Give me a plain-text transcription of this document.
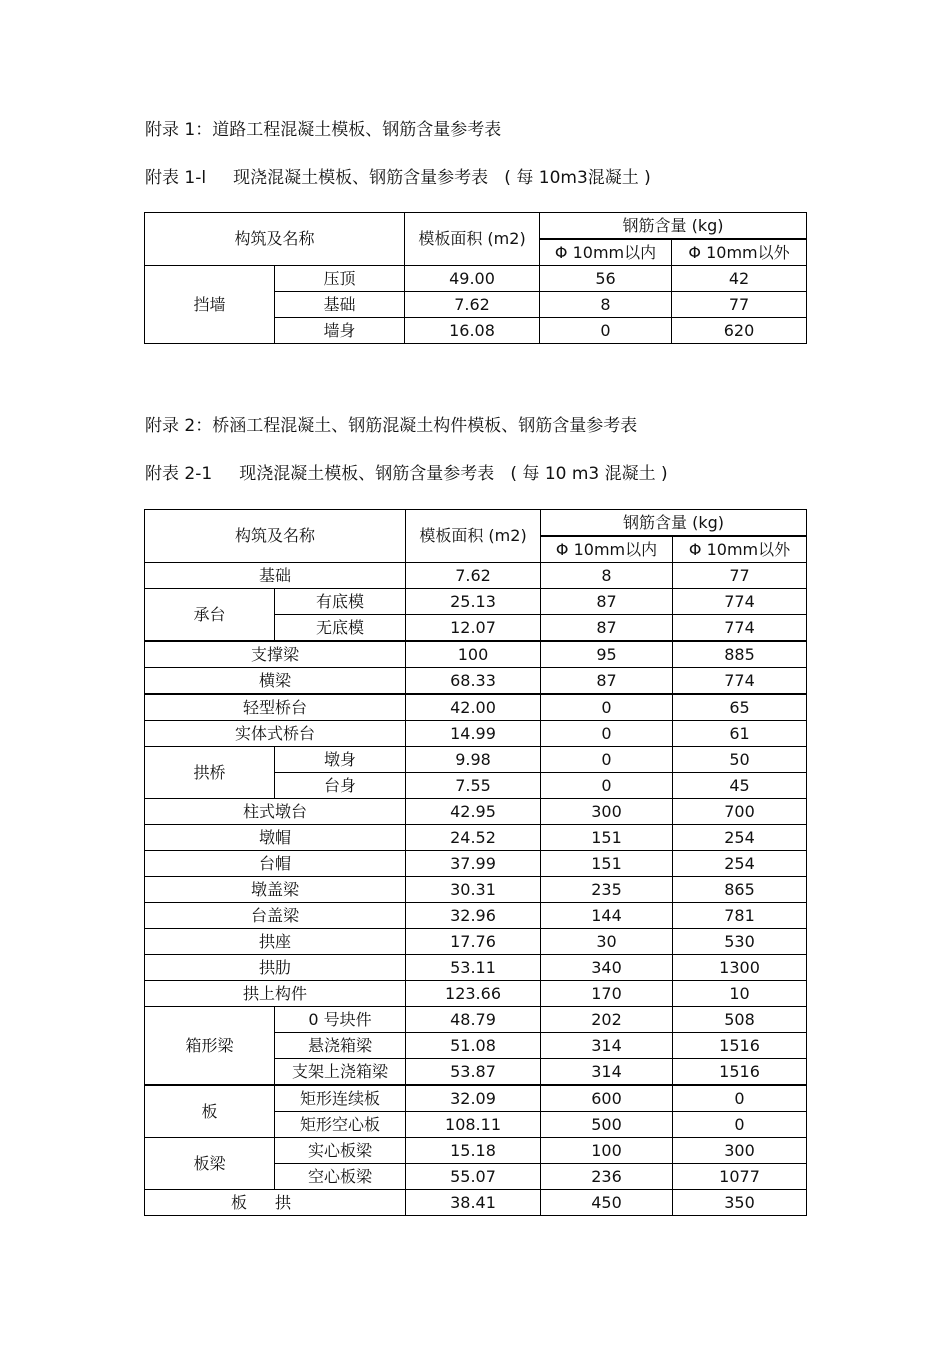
附录 1：道路工程混凝土模板、钢筋含量参考表
附表 1-l     现浇混凝土模板、钢筋含量参考表   ( 每 10m3混凝土 )
构筑及名称		模板面积 (m2)	钢筋含量 (kg)	
			Φ 10mm以内	Φ 10mm以外
挡墙	压顶	49.00	56	42
	基础	7.62	8	77
	墙身	16.08	0	620
附录 2：桥涵工程混凝土、钢筋混凝土构件模板、钢筋含量参考表
附表 2-1     现浇混凝土模板、钢筋含量参考表   ( 每 10 m3 混凝土 )
构筑及名称		模板面积 (m2)	钢筋含量 (kg)	
			Φ 10mm以内	Φ 10mm以外
基础		7.62	8	77
承台	有底模	25.13	87	774
	无底模	12.07	87	774
支撑梁		100	95	885
横梁		68.33	87	774
轻型桥台		42.00	0	65
实体式桥台		14.99	0	61
拱桥	墩身	9.98	0	50
	台身	7.55	0	45
柱式墩台		42.95	300	700
墩帽		24.52	151	254
台帽		37.99	151	254
墩盖梁		30.31	235	865
台盖梁		32.96	144	781
拱座		17.76	30	530
拱肋		53.11	340	1300
拱上构件		123.66	170	10
箱形梁	0 号块件	48.79	202	508
	悬浇箱梁	51.08	314	1516
	支架上浇箱梁	53.87	314	1516
板	矩形连续板	32.09	600	0
	矩形空心板	108.11	500	0
板梁	实心板梁	15.18	100	300
	空心板梁	55.07	236	1077
板拱		38.41	450	350
